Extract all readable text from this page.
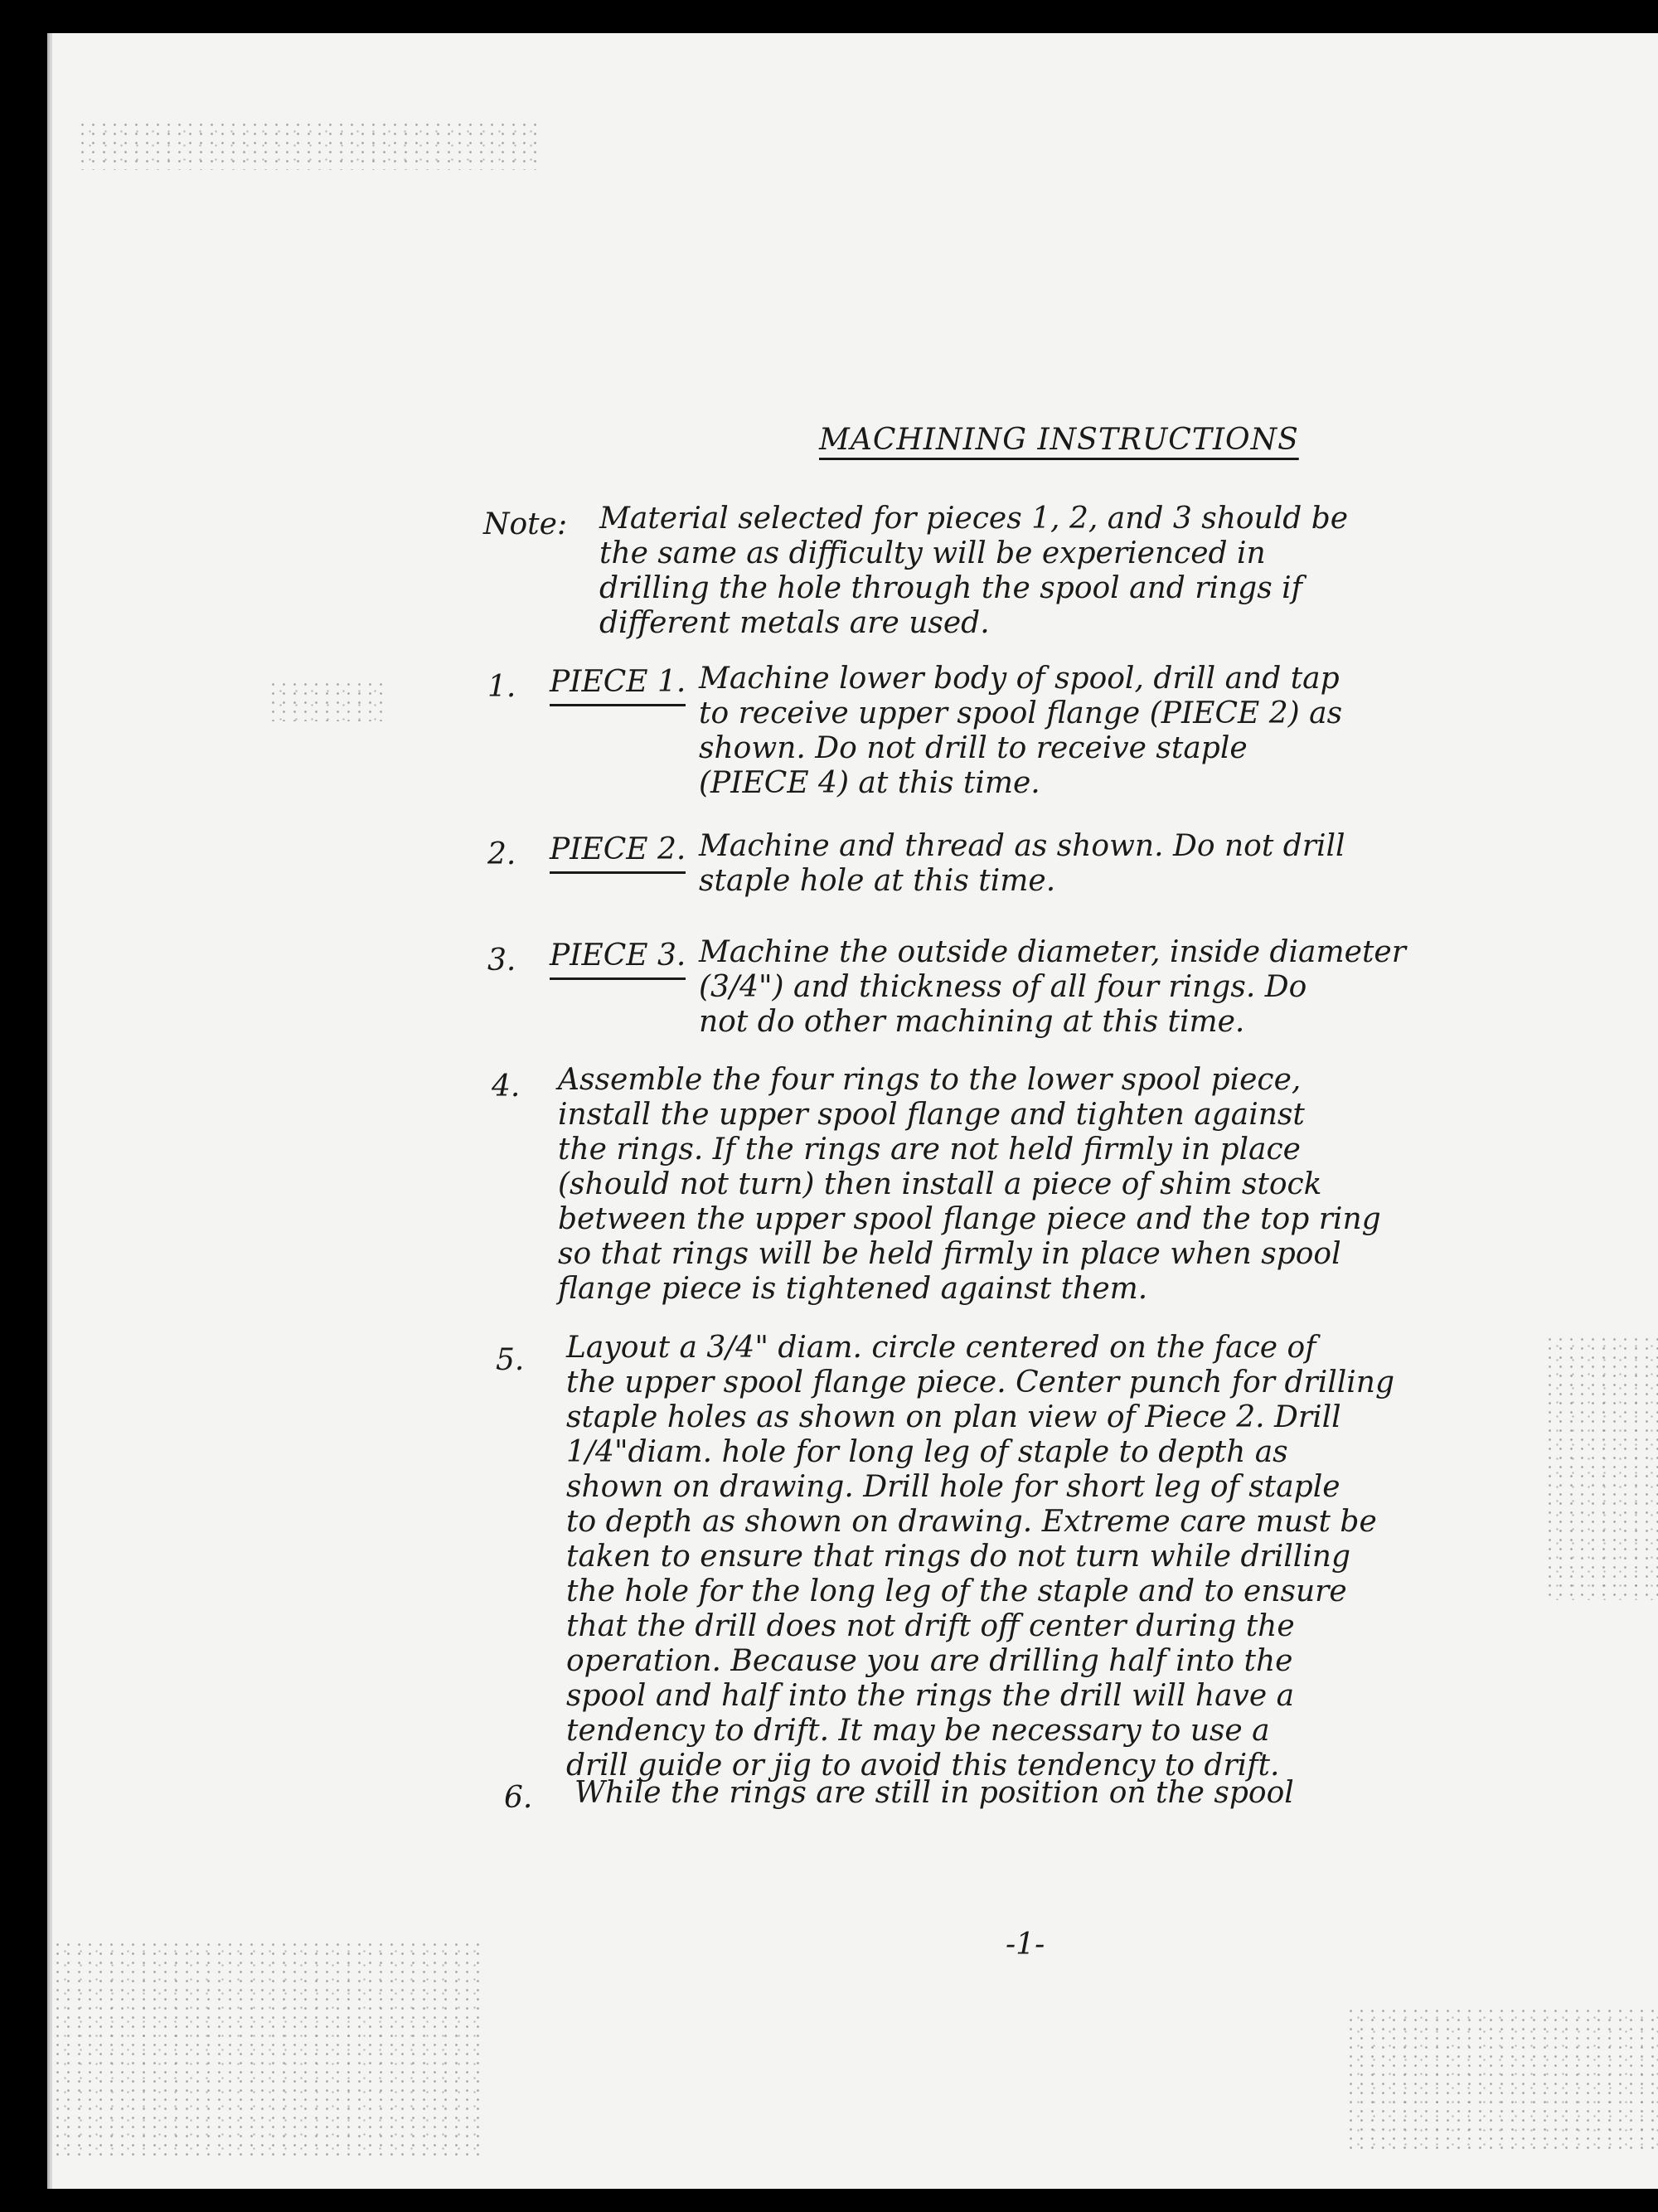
MACHINING INSTRUCTIONS
Note: Material selected for pieces 1, 2, and 3 should be
the same as difficulty will be experienced in
drilling the hole through the spool and rings if
different metals are used.
1. PIECE 1. Machine lower body of spool, drill and tap
to receive upper spool flange (PIECE 2) as
shown. Do not drill to receive staple
(PIECE 4) at this time.
2. PIECE 2. Machine and thread as shown. Do not drill
staple hole at this time.
3. PIECE 3. Machine the outside diameter, inside diameter
(3/4") and thickness of all four rings. Do
not do other machining at this time.
4. Assemble the four rings to the lower spool piece,
install the upper spool flange and tighten against
the rings. If the rings are not held firmly in place
(should not turn) then install a piece of shim stock
between the upper spool flange piece and the top ring
so that rings will be held firmly in place when spool
flange piece is tightened against them.
5. Layout a 3/4" diam. circle centered on the face of
the upper spool flange piece. Center punch for drilling
staple holes as shown on plan view of Piece 2. Drill
1/4"diam. hole for long leg of staple to depth as
shown on drawing. Drill hole for short leg of staple
to depth as shown on drawing. Extreme care must be
taken to ensure that rings do not turn while drilling
the hole for the long leg of the staple and to ensure
that the drill does not drift off center during the
operation. Because you are drilling half into the
spool and half into the rings the drill will have a
tendency to drift. It may be necessary to use a
drill guide or jig to avoid this tendency to drift.
6. While the rings are still in position on the spool
-1-
